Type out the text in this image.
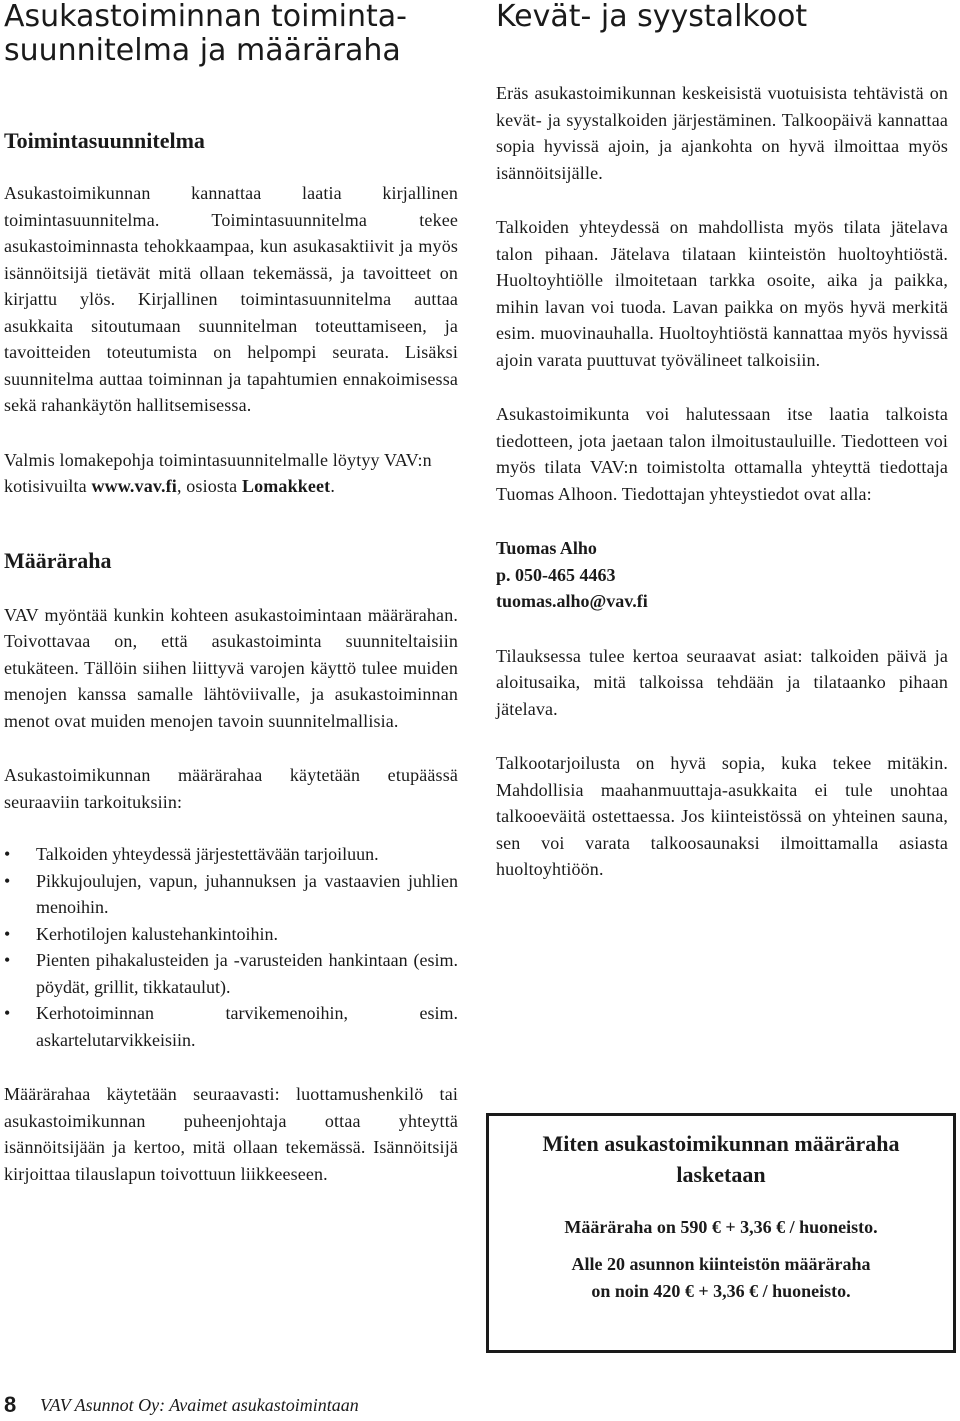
Asukastoiminnan toiminta-
suunnitelma ja määräraha
Toimintasuunnitelma

Asukastoimikunnan kannattaa laatia kirjallinen toimintasuunnitelma. Toimintasuunnitelma tekee asukastoiminnasta tehokkaampaa, kun asukasaktiivit ja myös isännöitsijä tietävät mitä ollaan tekemässä, ja tavoitteet on kirjattu ylös. Kirjallinen toimintasuunnitelma auttaa asukkaita sitoutumaan suunnitelman toteuttamiseen, ja tavoitteiden toteutumista on helpompi seurata. Lisäksi suunnitelma auttaa toiminnan ja tapahtumien ennakoimisessa sekä rahankäytön hallitsemisessa.

Valmis lomakepohja toimintasuunnitelmalle löytyy VAV:n kotisivuilta www.vav.fi, osiosta Lomakkeet.

Määräraha

VAV myöntää kunkin kohteen asukastoimintaan määrärahan. Toivottavaa on, että asukastoiminta suunniteltaisiin etukäteen. Tällöin siihen liittyvä varojen käyttö tulee muiden menojen kanssa samalle lähtöviivalle, ja asukastoiminnan menot ovat muiden menojen tavoin suunnitelmallisia.

Asukastoimikunnan määrärahaa käytetään etupäässä seuraaviin tarkoituksiin:

• Talkoiden yhteydessä järjestettävään tarjoiluun.
• Pikkujoulujen, vapun, juhannuksen ja vastaavien juhlien menoihin.
• Kerhotilojen kalustehankintoihin.
• Pienten pihakalusteiden ja -varusteiden hankintaan (esim. pöydät, grillit, tikkataulut).
• Kerhotoiminnan tarvikemenoihin, esim. askartelutarvikkeisiin.

Määrärahaa käytetään seuraavasti: luottamushenkilö tai asukastoimikunnan puheenjohtaja ottaa yhteyttä isännöitsijään ja kertoo, mitä ollaan tekemässä. Isännöitsijä kirjoittaa tilauslapun toivottuun liikkeeseen.

Kevät- ja syystalkoot

Eräs asukastoimikunnan keskeisistä vuotuisista tehtävistä on kevät- ja syystalkoiden järjestäminen. Talkoopäivä kannattaa sopia hyvissä ajoin, ja ajankohta on hyvä ilmoittaa myös isännöitsijälle.

Talkoiden yhteydessä on mahdollista myös tilata jätelava talon pihaan. Jätelava tilataan kiinteistön huoltoyhtiöstä. Huoltoyhtiölle ilmoitetaan tarkka osoite, aika ja paikka, mihin lavan voi tuoda. Lavan paikka on myös hyvä merkitä esim. muovinauhalla. Huoltoyhtiöstä kannattaa myös hyvissä ajoin varata puuttuvat työvälineet talkoisiin.

Asukastoimikunta voi halutessaan itse laatia talkoista tiedotteen, jota jaetaan talon ilmoitustauluille. Tiedotteen voi myös tilata VAV:n toimistolta ottamalla yhteyttä tiedottaja Tuomas Alhoon. Tiedottajan yhteystiedot ovat alla:

Tuomas Alho

p. 050-465 4463

tuomas.alho@vav.fi

Tilauksessa tulee kertoa seuraavat asiat: talkoiden päivä ja aloitusaika, mitä talkoissa tehdään ja tilataanko pihaan jätelava.

Talkootarjoilusta on hyvä sopia, kuka tekee mitäkin. Mahdollisia maahanmuuttaja-asukkaita ei tule unohtaa talkooeväitä ostettaessa. Jos kiinteistössä on yhteinen sauna, sen voi varata talkoosaunaksi ilmoittamalla asiasta huoltoyhtiöön.

Miten asukastoimikunnan määräraha
lasketaan

Määräraha on 590 € + 3,36 € / huoneisto.

Alle 20 asunnon kiinteistön määräraha

on noin 420 € + 3,36 € / huoneisto.

8 VAV Asunnot Oy: Avaimet asukastoimintaan
